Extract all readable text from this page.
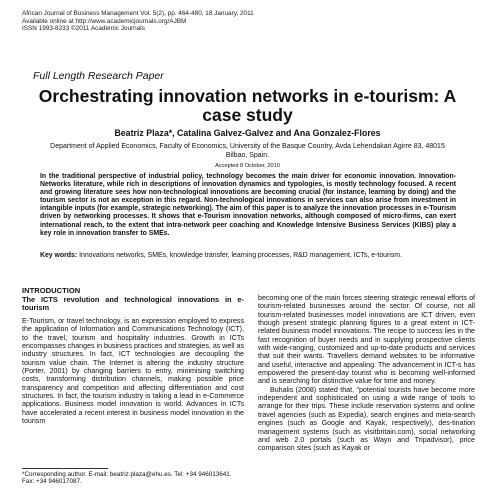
African Journal of Business Management Vol. 5(2), pp. 464-480, 18 January, 2011
Available online at http://www.academicjournals.org/AJBM
ISSN 1993-8233 ©2011 Academic Journals
Full Length Research Paper
Orchestrating innovation networks in e-tourism: A case study
Beatriz Plaza*, Catalina Galvez-Galvez and Ana Gonzalez-Flores
Department of Applied Economics, Faculty of Economics, University of the Basque Country, Avda Lehendakari Agirre 83, 48015 Bilbao, Spain.
Accepted 8 October, 2010
In the traditional perspective of industrial policy, technology becomes the main driver for economic innovation. Innovation-Networks literature, while rich in descriptions of innovation dynamics and typologies, is mostly technology focused. A recent and growing literature sees how non-technological innovations are becoming crucial (for instance, learning by doing) and the tourism sector is not an exception in this regard. Non-technological innovations in services can also arise from investment in intangible inputs (for example, strategic networking). The aim of this paper is to analyze the innovation processes in e-Tourism driven by networking processes. It shows that e-Tourism innovation networks, although composed of micro-firms, can exert international reach, to the extent that intra-network peer coaching and Knowledge Intensive Business Services (KIBS) play a key role in innovation transfer to SMEs.
Key words: Innovations networks, SMEs, knowledge transfer, learning processes, R&D management, ICTs, e-tourism.
INTRODUCTION
The ICTS revolution and technological innovations in e-tourism

E-Tourism, or travel technology, is an expression employed to express the application of Information and Communications Technology (ICT), to the travel, tourism and hospitality industries. Growth in ICTs encompasses changes in business practices and strategies, as well as industry structures. In fact, ICT technologies are decoupling the tourism value chain. The Internet is altering the industry structure (Porter, 2001) by changing barriers to entry, minimising switching costs, transforming distribution channels, making possible price transparency and competition and affecting differentiation and cost structures. In fact, the tourism industry is taking a lead in e-Commerce applications. Business model innovation is world. Advances in ICTs have accelerated a recent interest in business model innovation in the tourism

becoming one of the main forces steering strategic renewal efforts of tourism-related businesses around the sector. Of course, not all tourism-related businesses model innovations are ICT driven, even though present strategic planning figures to a great extent in ICT-related business model innovations. The recipe to success lies in the fast recognition of buyer needs and in supplying prospective clients with wide-ranging, customized and up-to-date products and services that suit their wants. Travellers demand websites to be informative and useful, interactive and appealing. The advancement in ICT-s has empowered the present-day tourist who is becoming well-informed and is searching for distinctive value for time and money.

Buhalis (2008) stated that, "potential tourists have become more independent and sophisticated on using a wide range of tools to arrange for their trips. These include reservation systems and online travel agencies (such as Expedia), search engines and meta-search engines (such as Google and Kayak, respectively), des-tination management systems (such as visitbritain.com), social networking and web 2.0 portals (such as Wayn and Tripadvisor), price comparison sites (such as Kayak or

*Corresponding author. E-mail: beatriz.plaza@ehu.es. Tel: +34 946013641. Fax: +34 946017087.
